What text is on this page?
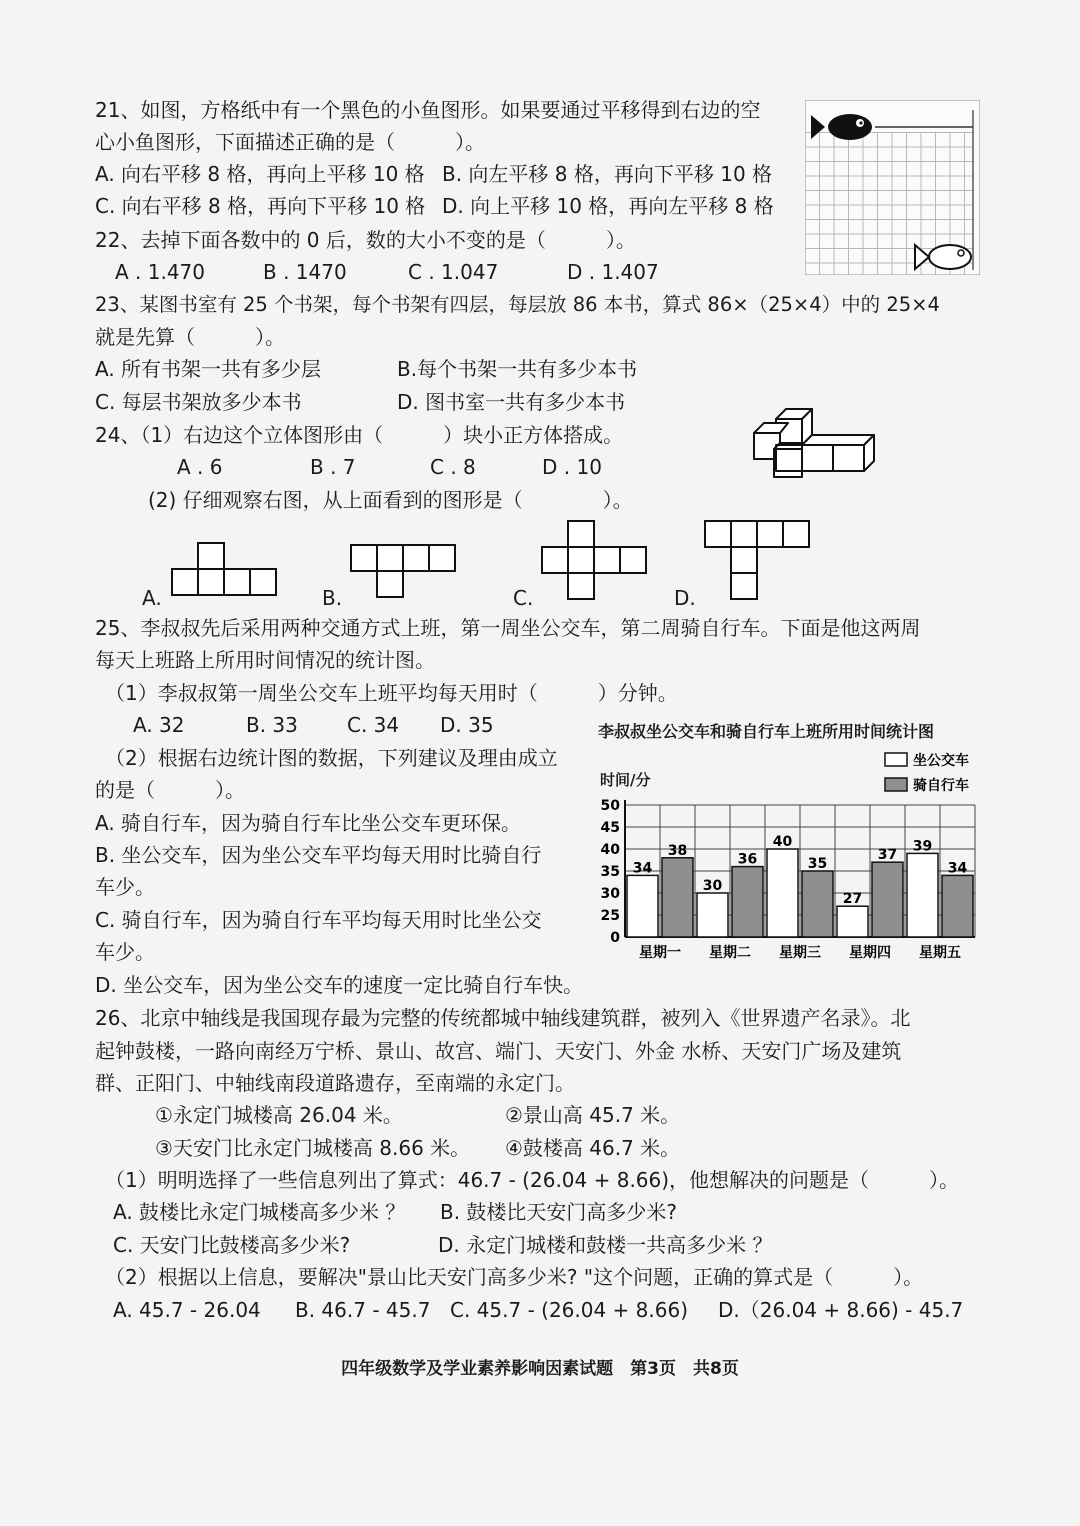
21、如图，方格纸中有一个黑色的小鱼图形。如果要通过平移得到右边的空
心小鱼图形，下面描述正确的是（　　　）。
A. 向右平移 8 格，再向上平移 10 格 B. 向左平移 8 格，再向下平移 10 格
C. 向右平移 8 格，再向下平移 10 格 D. 向上平移 10 格，再向左平移 8 格
22、去掉下面各数中的 0 后，数的大小不变的是（　　　）。
A . 1.470	B . 1470	C . 1.047	D . 1.407
23、某图书室有 25 个书架，每个书架有四层，每层放 86 本书，算式 86×（25×4）中的 25×4
就是先算（　　　）。
A. 所有书架一共有多少层	B.每个书架一共有多少本书
C. 每层书架放多少本书	D. 图书室一共有多少本书
24、（1）右边这个立体图形由（　　　）块小正方体搭成。
A . 6	B . 7	C . 8	D . 10
(2) 仔细观察右图，从上面看到的图形是（　　　　）。
A.	B.	C.	D.
25、李叔叔先后采用两种交通方式上班，第一周坐公交车，第二周骑自行车。下面是他这两周
每天上班路上所用时间情况的统计图。
（1）李叔叔第一周坐公交车上班平均每天用时（　　　）分钟。
A. 32	B. 33 C. 34 D. 35
（2）根据右边统计图的数据，下列建议及理由成立
的是（　　　）。
A. 骑自行车，因为骑自行车比坐公交车更环保。
B. 坐公交车，因为坐公交车平均每天用时比骑自行
车少。
C. 骑自行车，因为骑自行车平均每天用时比坐公交
车少。
D. 坐公交车，因为坐公交车的速度一定比骑自行车快。
李叔叔坐公交车和骑自行车上班所用时间统计图
时间/分
坐公交车
骑自行车
34
38
30
36
40
35
27
37
39
34
0
25
30
35
40
45
50
星期一 星期二 星期三 星期四 星期五
26、北京中轴线是我国现存最为完整的传统都城中轴线建筑群，被列入《世界遗产名录》。北
起钟鼓楼，一路向南经万宁桥、景山、故宫、端门、天安门、外金 水桥、天安门广场及建筑
群、正阳门、中轴线南段道路遗存，至南端的永定门。
①永定门城楼高 26.04 米。	②景山高 45.7 米。
③天安门比永定门城楼高 8.66 米。 ④鼓楼高 46.7 米。
（1）明明选择了一些信息列出了算式：46.7 - (26.04 + 8.66)，他想解决的问题是（　　　）。
A. 鼓楼比永定门城楼高多少米 ？ B. 鼓楼比天安门高多少米?
C. 天安门比鼓楼高多少米?	D. 永定门城楼和鼓楼一共高多少米 ？
（2）根据以上信息，要解决"景山比天安门高多少米? "这个问题，正确的算式是（　　　）。
A. 45.7 - 26.04 B. 46.7 - 45.7 C. 45.7 - (26.04 + 8.66) D.（26.04 + 8.66) - 45.7
四年级数学及学业素养影响因素试题　第3页　共8页
